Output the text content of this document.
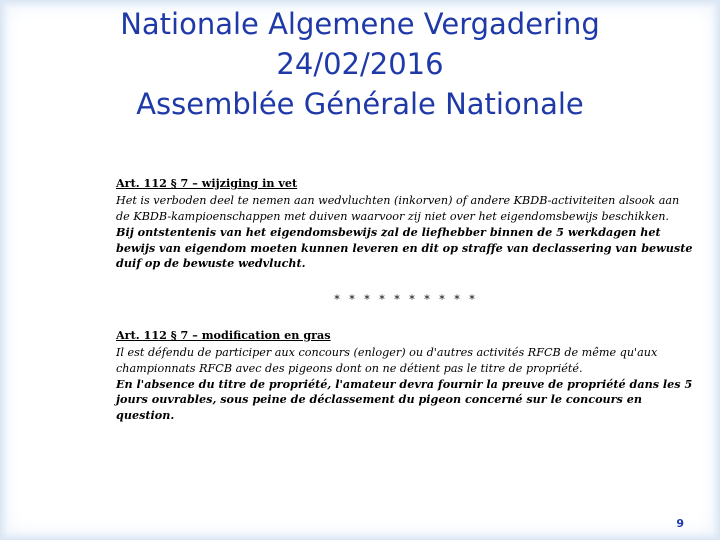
Nationale Algemene Vergadering
24/02/2016
Assemblée Générale Nationale
Art. 112 § 7 – wijziging in vet

Het is verboden deel te nemen aan wedvluchten (inkorven) of andere KBDB-activiteiten alsook aan de KBDB-kampioenschappen met duiven waarvoor zij niet over het eigendomsbewijs beschikken.

Bij ontstentenis van het eigendomsbewijs zal de liefhebber binnen de 5 werkdagen het bewijs van eigendom moeten kunnen leveren en dit op straffe van declassering van bewuste duif op de bewuste wedvlucht.

* * * * * * * * * *
Art. 112 § 7 – modification en gras

Il est défendu de participer aux concours (enloger) ou d'autres activités RFCB de même qu'aux championnats RFCB avec des pigeons dont on ne détient pas le titre de propriété.

En l'absence du titre de propriété, l'amateur devra fournir la preuve de propriété dans les 5 jours ouvrables, sous peine de déclassement du pigeon concerné sur le concours en question.

9
